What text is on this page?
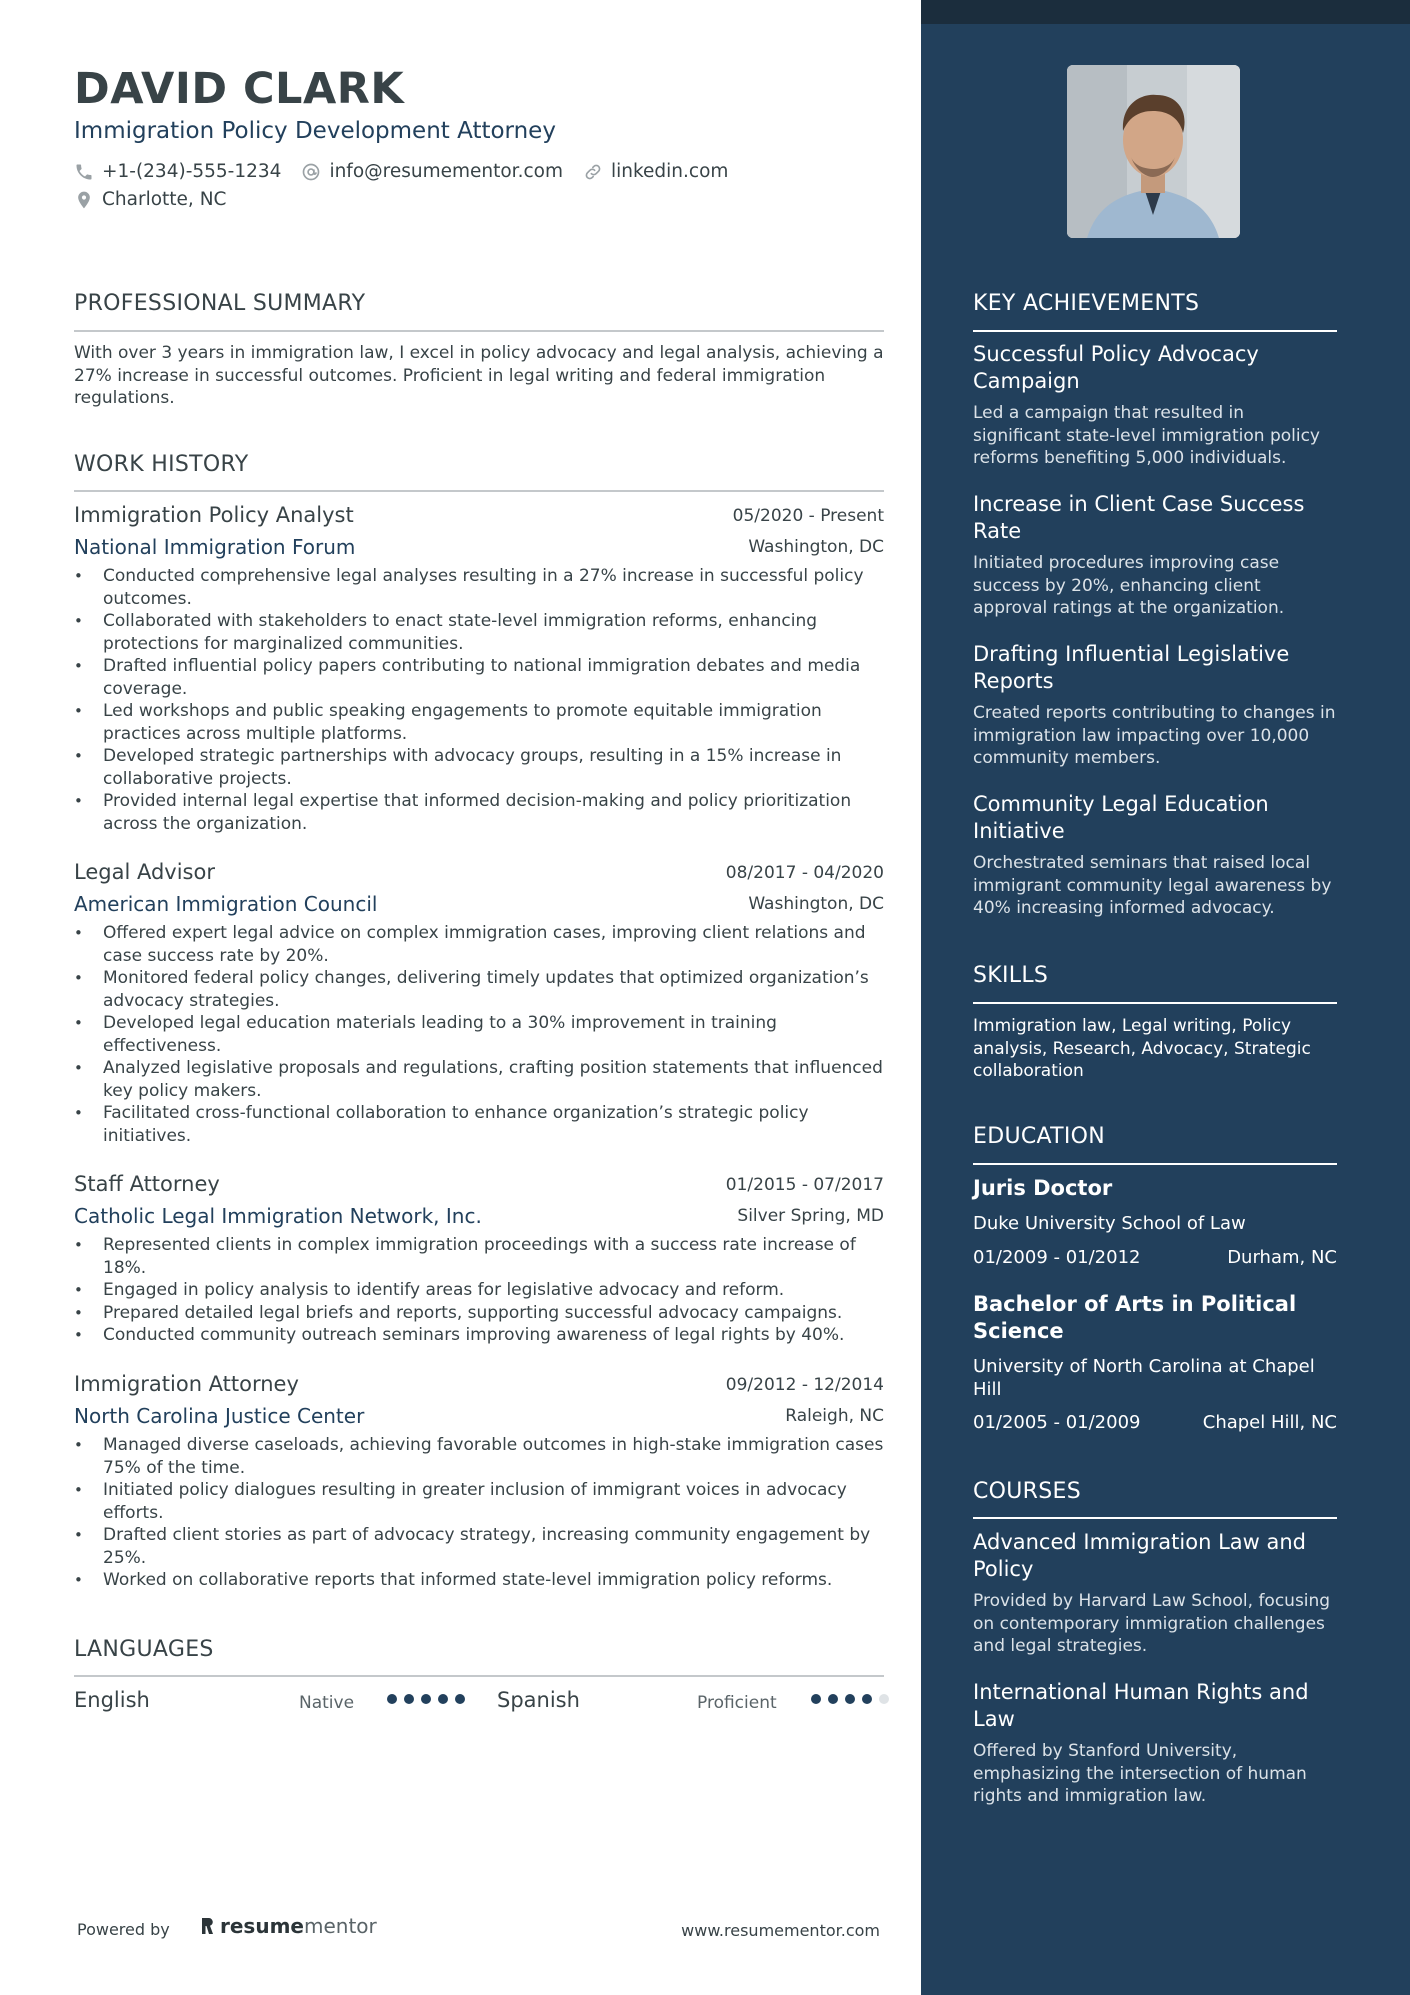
DAVID CLARK
Immigration Policy Development Attorney
+1-(234)-555-1234	info@resumementor.com	linkedin.com
Charlotte, NC
PROFESSIONAL SUMMARY
With over 3 years in immigration law, I excel in policy advocacy and legal analysis, achieving a 27% increase in successful outcomes. Proficient in legal writing and federal immigration regulations.
WORK HISTORY
Immigration Policy Analyst	05/2020 - Present
National Immigration Forum	Washington, DC
• Conducted comprehensive legal analyses resulting in a 27% increase in successful policy outcomes.
• Collaborated with stakeholders to enact state-level immigration reforms, enhancing protections for marginalized communities.
• Drafted influential policy papers contributing to national immigration debates and media coverage.
• Led workshops and public speaking engagements to promote equitable immigration practices across multiple platforms.
• Developed strategic partnerships with advocacy groups, resulting in a 15% increase in collaborative projects.
• Provided internal legal expertise that informed decision-making and policy prioritization across the organization.
Legal Advisor	08/2017 - 04/2020
American Immigration Council	Washington, DC
• Offered expert legal advice on complex immigration cases, improving client relations and case success rate by 20%.
• Monitored federal policy changes, delivering timely updates that optimized organization’s advocacy strategies.
• Developed legal education materials leading to a 30% improvement in training effectiveness.
• Analyzed legislative proposals and regulations, crafting position statements that influenced key policy makers.
• Facilitated cross-functional collaboration to enhance organization’s strategic policy initiatives.
Staff Attorney	01/2015 - 07/2017
Catholic Legal Immigration Network, Inc.	Silver Spring, MD
• Represented clients in complex immigration proceedings with a success rate increase of 18%.
• Engaged in policy analysis to identify areas for legislative advocacy and reform.
• Prepared detailed legal briefs and reports, supporting successful advocacy campaigns.
• Conducted community outreach seminars improving awareness of legal rights by 40%.
Immigration Attorney	09/2012 - 12/2014
North Carolina Justice Center	Raleigh, NC
• Managed diverse caseloads, achieving favorable outcomes in high-stake immigration cases 75% of the time.
• Initiated policy dialogues resulting in greater inclusion of immigrant voices in advocacy efforts.
• Drafted client stories as part of advocacy strategy, increasing community engagement by 25%.
• Worked on collaborative reports that informed state-level immigration policy reforms.
LANGUAGES
English	Native	Spanish	Proficient
Powered by	resume mentor	www.resumementor.com
KEY ACHIEVEMENTS
Successful Policy Advocacy Campaign
Led a campaign that resulted in significant state-level immigration policy reforms benefiting 5,000 individuals.
Increase in Client Case Success Rate
Initiated procedures improving case success by 20%, enhancing client approval ratings at the organization.
Drafting Influential Legislative Reports
Created reports contributing to changes in immigration law impacting over 10,000 community members.
Community Legal Education Initiative
Orchestrated seminars that raised local immigrant community legal awareness by 40% increasing informed advocacy.
SKILLS
Immigration law, Legal writing, Policy analysis, Research, Advocacy, Strategic collaboration
EDUCATION
Juris Doctor
Duke University School of Law
01/2009 - 01/2012	Durham, NC
Bachelor of Arts in Political Science
University of North Carolina at Chapel Hill
01/2005 - 01/2009	Chapel Hill, NC
COURSES
Advanced Immigration Law and Policy
Provided by Harvard Law School, focusing on contemporary immigration challenges and legal strategies.
International Human Rights and Law
Offered by Stanford University, emphasizing the intersection of human rights and immigration law.
